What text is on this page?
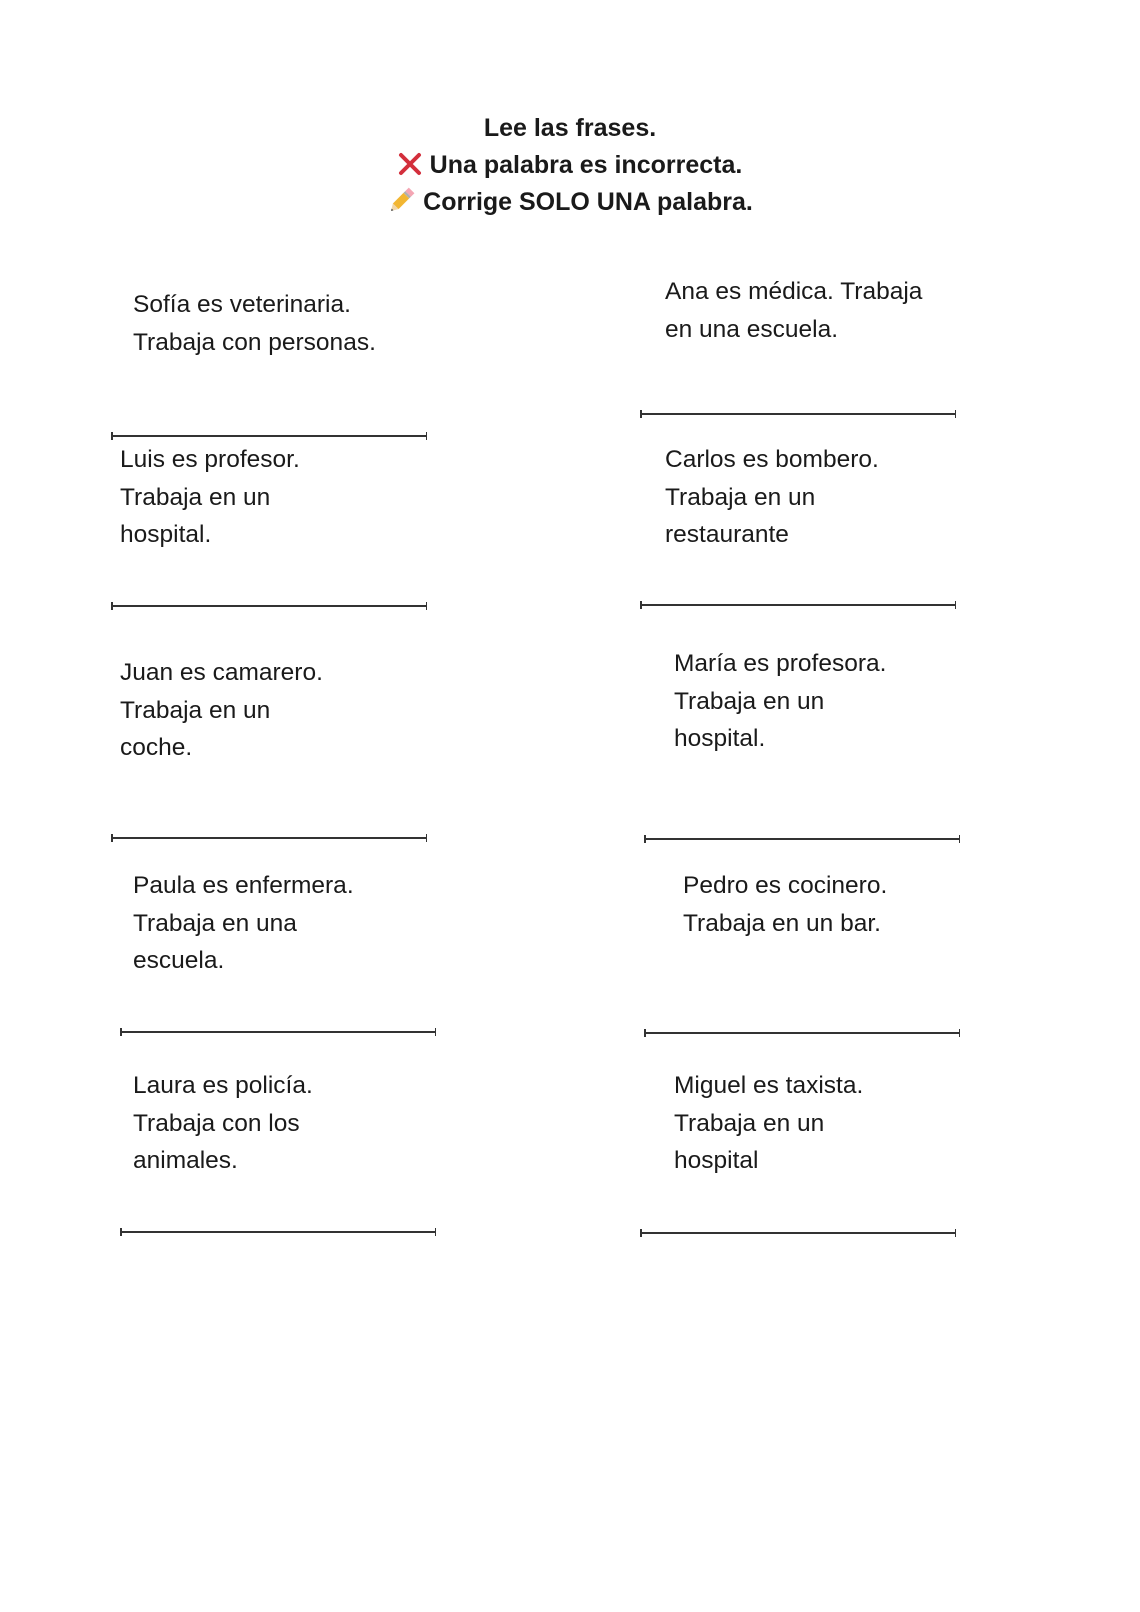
Lee las frases.
Una palabra es incorrecta.
Corrige SOLO UNA palabra.
Sofía es veterinaria.
Trabaja con personas.
Ana es médica. Trabaja
en una escuela.
Luis es profesor.
Trabaja en un
hospital.
Carlos es bombero.
Trabaja en un
restaurante
Juan es camarero.
Trabaja en un
coche.
María es profesora.
Trabaja en un
hospital.
Paula es enfermera.
Trabaja en una
escuela.
Pedro es cocinero.
Trabaja en un bar.
Laura es policía.
Trabaja con los
animales.
Miguel es taxista.
Trabaja en un
hospital
